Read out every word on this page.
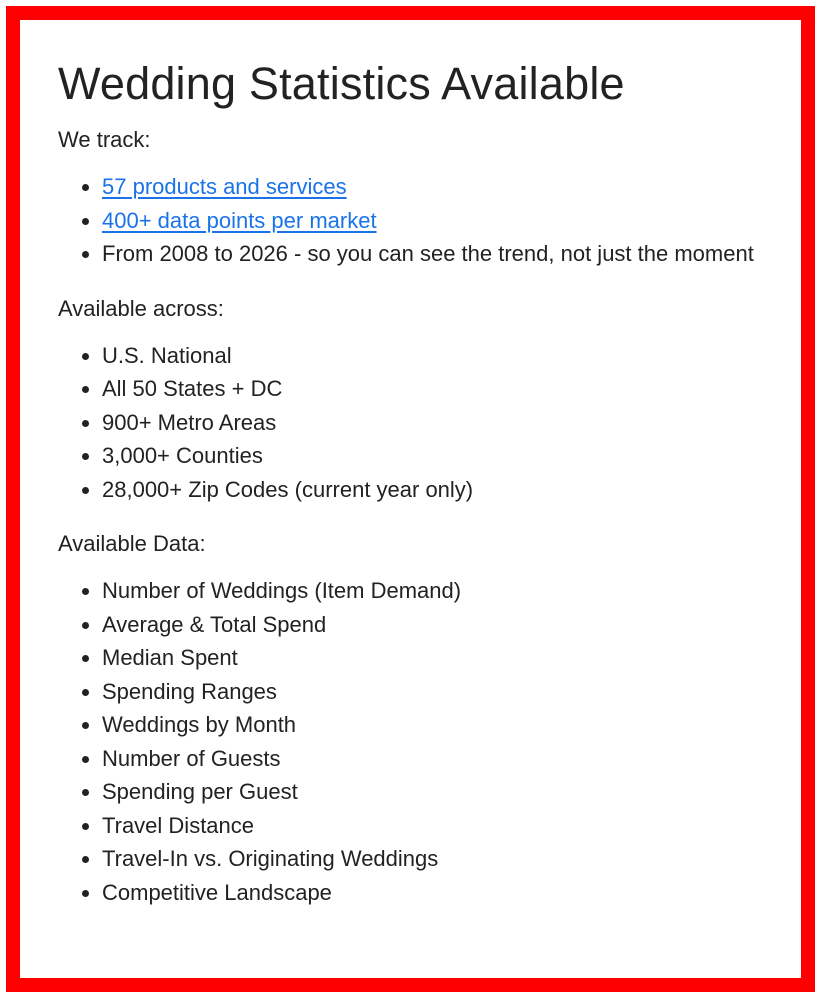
Wedding Statistics Available

We track:

57 products and services
400+ data points per market
From 2008 to 2026 - so you can see the trend, not just the moment

Available across:

U.S. National
All 50 States + DC
900+ Metro Areas
3,000+ Counties
28,000+ Zip Codes (current year only)

Available Data:

Number of Weddings (Item Demand)
Average & Total Spend
Median Spent
Spending Ranges
Weddings by Month
Number of Guests
Spending per Guest
Travel Distance
Travel-In vs. Originating Weddings
Competitive Landscape
